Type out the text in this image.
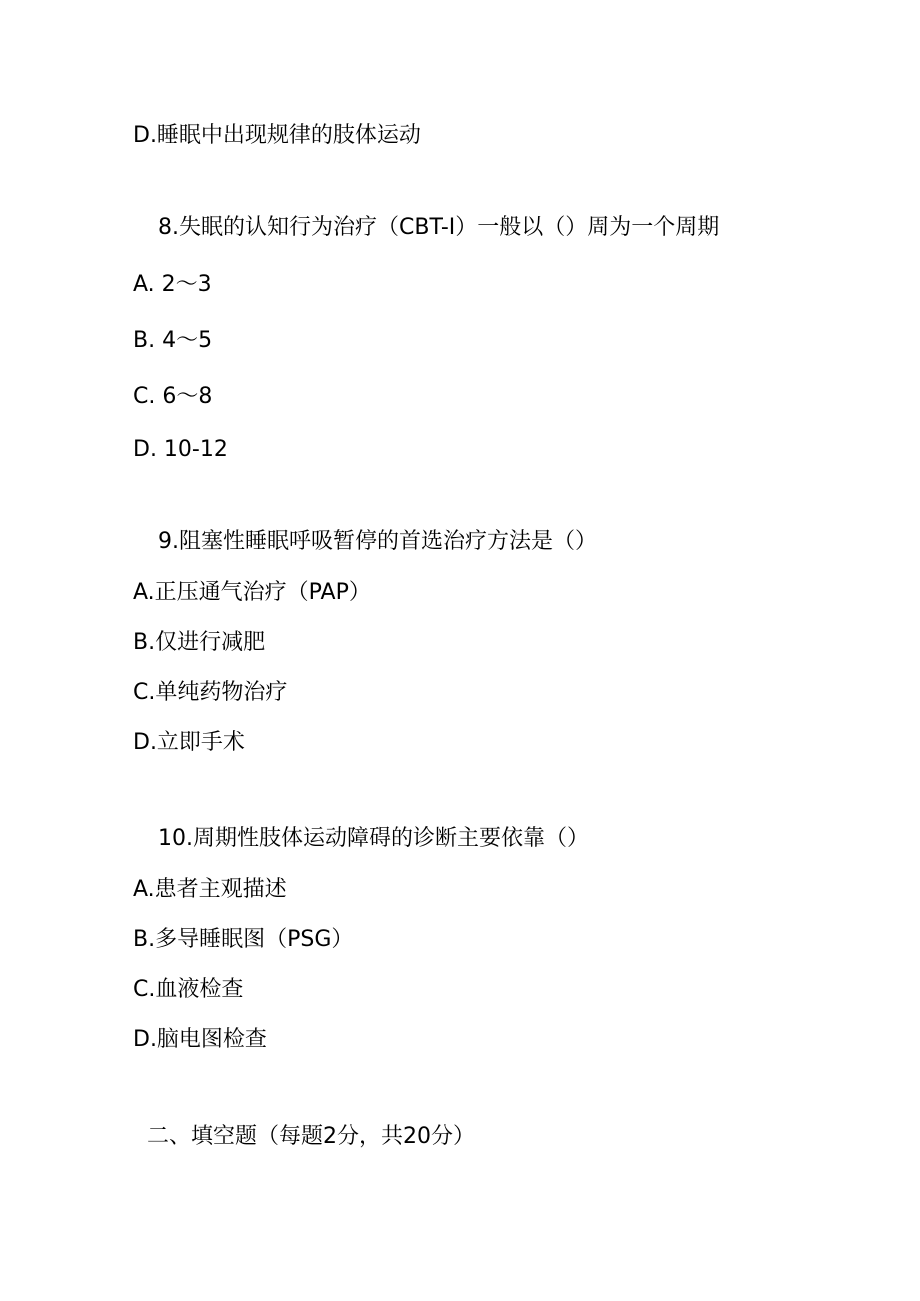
D.睡眠中出现规律的肢体运动
8.失眠的认知行为治疗（CBT-I）一般以（）周为一个周期
A. 2～3
B. 4～5
C. 6～8
D. 10-12
9.阻塞性睡眠呼吸暂停的首选治疗方法是（）
A.正压通气治疗（PAP）
B.仅进行减肥
C.单纯药物治疗
D.立即手术
10.周期性肢体运动障碍的诊断主要依靠（）
A.患者主观描述
B.多导睡眠图（PSG）
C.血液检查
D.脑电图检查
二、填空题（每题2分，共20分）
